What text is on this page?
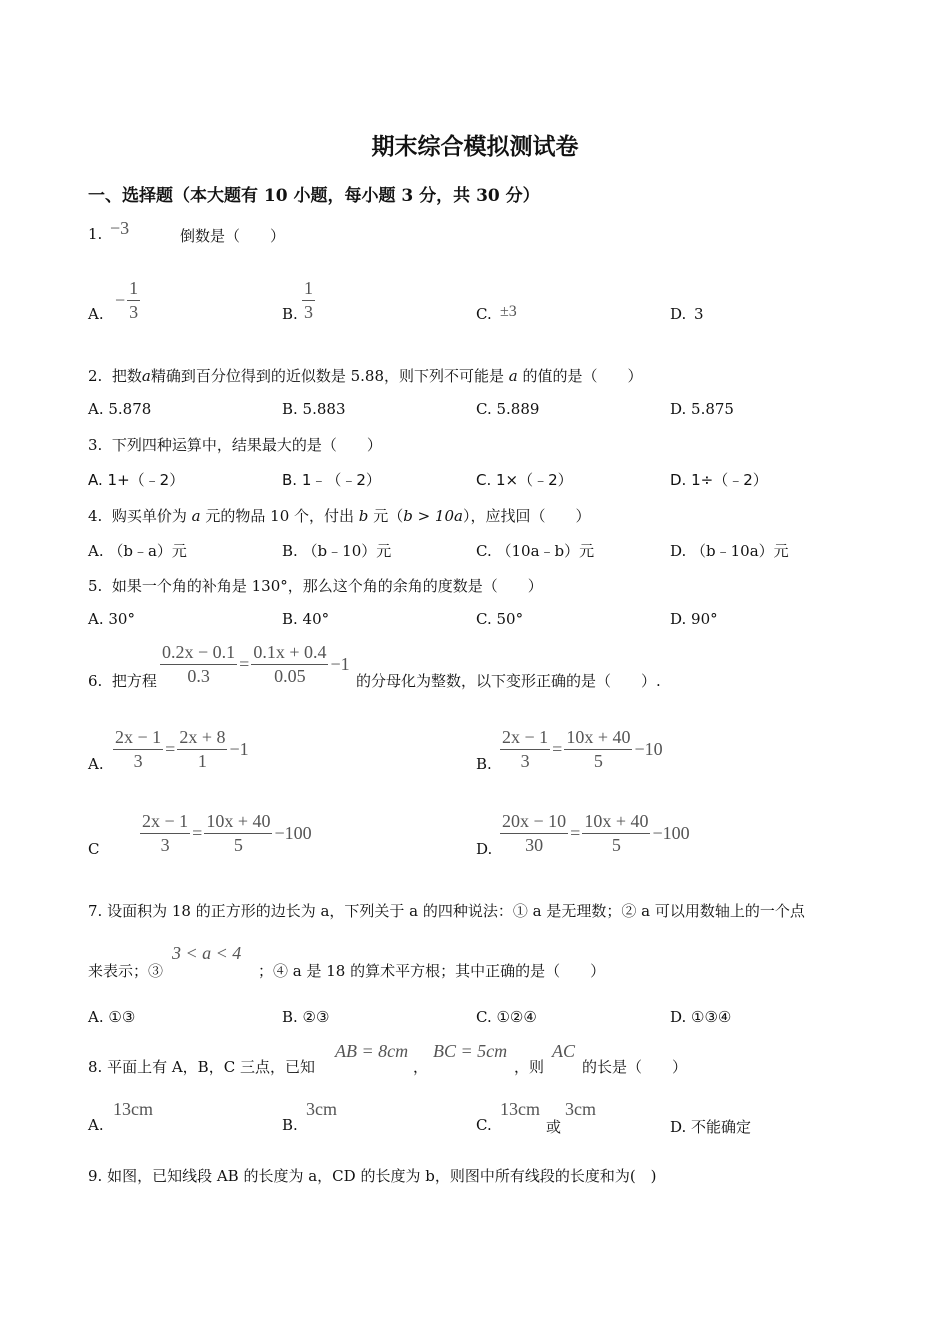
期末综合模拟测试卷
一、选择题（本大题有 10 小题，每小题 3 分，共 30 分）
1. −3	倒数是（　　）
A.
− $\frac{1}{3}$	B. $\frac{1}{3}$	C. ±3	D. 3
2. 把数a精确到百分位得到的近似数是 5.88，则下列不可能是 a 的值的是（　　）
A. 5.878	B. 5.883	C. 5.889	D. 5.875
3. 下列四种运算中，结果最大的是（　　）
A. 1+（﹣2）	B. 1﹣（﹣2）	C. 1×（﹣2）	D. 1÷（﹣2）
4. 购买单价为 a 元的物品 10 个，付出 b 元（b > 10a），应找回（　　）
A. （b﹣a）元	B. （b﹣10）元	C. （10a﹣b）元	D. （b﹣10a）元
5. 如果一个角的补角是 130°，那么这个角的余角的度数是（　　）
A. 30°	B. 40°	C. 50°	D. 90°
6. 把方程 $\frac{0.2x - 0.1}{0.3} = \frac{0.1x + 0.4}{0.05} -1$
的分母化为整数，以下变形正确的是（　　）.
A. $\frac{2x - 1}{3} = \frac{2x + 8}{1} -1$
B. $\frac{2x - 1}{3} = \frac{10x + 40}{5} -10$
C $\frac{2x - 1}{3} = \frac{10x + 40}{5} -100$
D. $\frac{20x - 10}{30} = \frac{10x + 40}{5} -100$
7. 设面积为 18 的正方形的边长为 a，下列关于 a 的四种说法：① a 是无理数；② a 可以用数轴上的一个点
来表示；③
3 < a < 4
；④ a 是 18 的算术平方根；其中正确的是（　　）
A. ①③	B. ②③	C. ①②④	D. ①③④
8. 平面上有 A，B，C 三点，已知
AB = 8cm
，
BC = 5cm
，则
AC
的长是（　　）
A.
13cm
B.
3cm
C.
13cm
或
3cm
D. 不能确定
9. 如图，已知线段 AB 的长度为 a，CD 的长度为 b，则图中所有线段的长度和为(　)
